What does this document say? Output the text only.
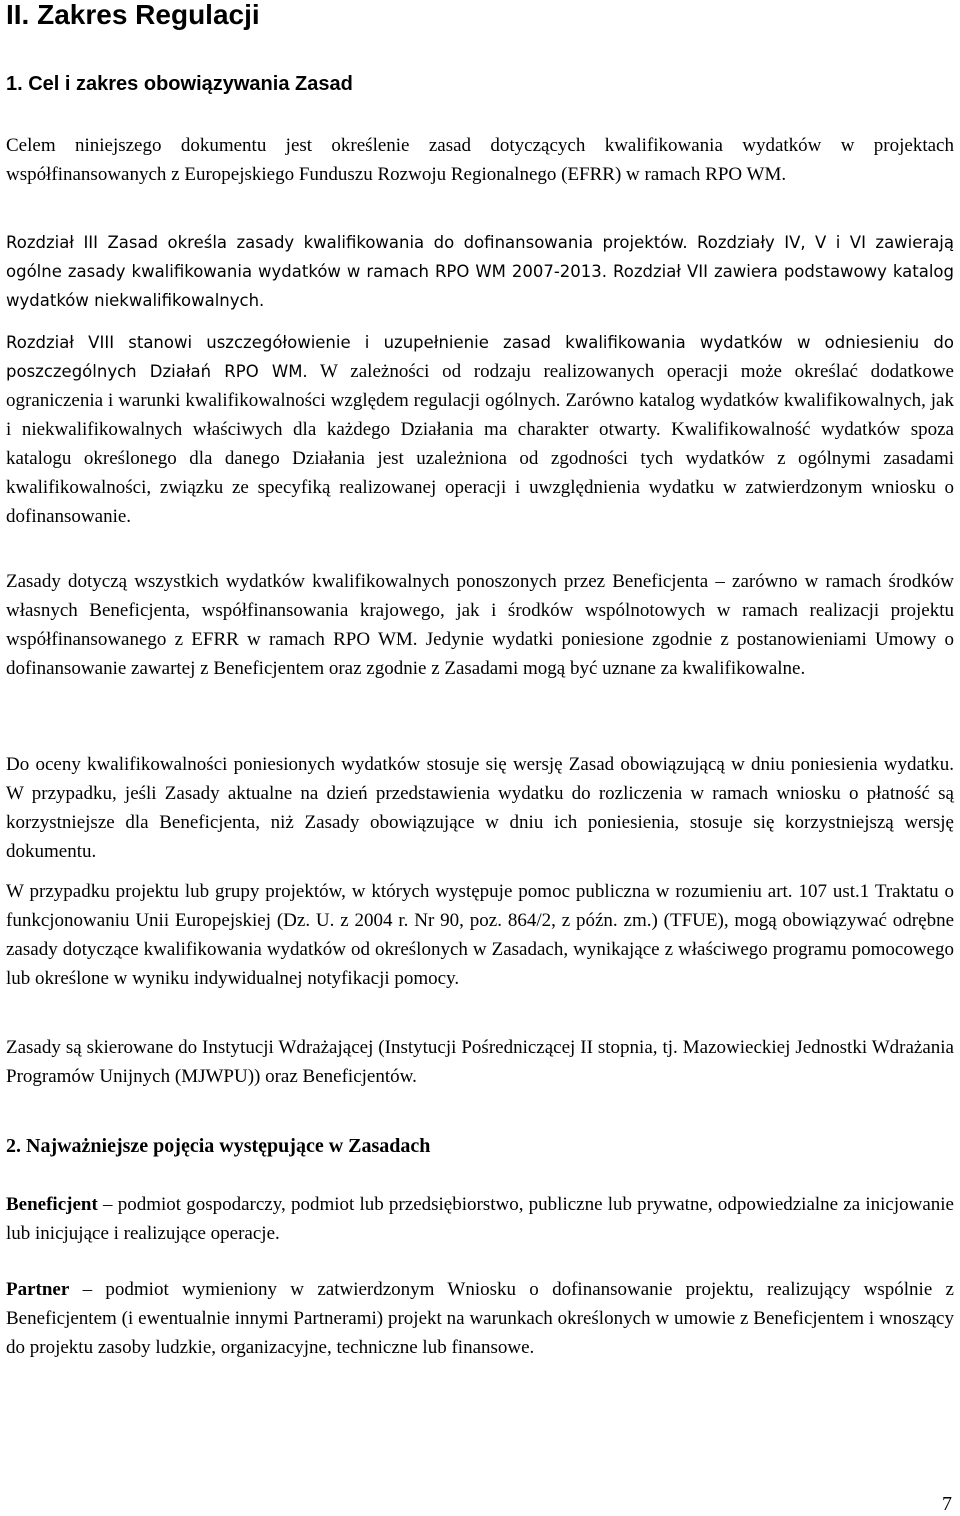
II. Zakres Regulacji
1. Cel i zakres obowiązywania Zasad

Celem niniejszego dokumentu jest określenie zasad dotyczących kwalifikowania wydatków w projektach współfinansowanych z Europejskiego Funduszu Rozwoju Regionalnego (EFRR) w ramach RPO WM.

Rozdział III Zasad określa zasady kwalifikowania do dofinansowania projektów. Rozdziały IV, V i VI zawierają ogólne zasady kwalifikowania wydatków w ramach RPO WM 2007-2013. Rozdział VII zawiera podstawowy katalog wydatków niekwalifikowalnych.

Rozdział VIII stanowi uszczegółowienie i uzupełnienie zasad kwalifikowania wydatków w odniesieniu do poszczególnych Działań RPO WM. W zależności od rodzaju realizowanych operacji może określać dodatkowe ograniczenia i warunki kwalifikowalności względem regulacji ogólnych. Zarówno katalog wydatków kwalifikowalnych, jak i niekwalifikowalnych właściwych dla każdego Działania ma charakter otwarty. Kwalifikowalność wydatków spoza katalogu określonego dla danego Działania jest uzależniona od zgodności tych wydatków z ogólnymi zasadami kwalifikowalności, związku ze specyfiką realizowanej operacji i uwzględnienia wydatku w zatwierdzonym wniosku o dofinansowanie.

Zasady dotyczą wszystkich wydatków kwalifikowalnych ponoszonych przez Beneficjenta – zarówno w ramach środków własnych Beneficjenta, współfinansowania krajowego, jak i środków wspólnotowych w ramach realizacji projektu współfinansowanego z EFRR w ramach RPO WM. Jedynie wydatki poniesione zgodnie z postanowieniami Umowy o dofinansowanie zawartej z Beneficjentem oraz zgodnie z Zasadami mogą być uznane za kwalifikowalne.

Do oceny kwalifikowalności poniesionych wydatków stosuje się wersję Zasad obowiązującą w dniu poniesienia wydatku. W przypadku, jeśli Zasady aktualne na dzień przedstawienia wydatku do rozliczenia w ramach wniosku o płatność są korzystniejsze dla Beneficjenta, niż Zasady obowiązujące w dniu ich poniesienia, stosuje się korzystniejszą wersję dokumentu.

W przypadku projektu lub grupy projektów, w których występuje pomoc publiczna w rozumieniu art. 107 ust.1 Traktatu o funkcjonowaniu Unii Europejskiej (Dz. U. z 2004 r. Nr 90, poz. 864/2, z późn. zm.) (TFUE), mogą obowiązywać odrębne zasady dotyczące kwalifikowania wydatków od określonych w Zasadach, wynikające z właściwego programu pomocowego lub określone w wyniku indywidualnej notyfikacji pomocy.

Zasady są skierowane do Instytucji Wdrażającej (Instytucji Pośredniczącej II stopnia, tj. Mazowieckiej Jednostki Wdrażania Programów Unijnych (MJWPU)) oraz Beneficjentów.

2. Najważniejsze pojęcia występujące w Zasadach

Beneficjent – podmiot gospodarczy, podmiot lub przedsiębiorstwo, publiczne lub prywatne, odpowiedzialne za inicjowanie lub inicjujące i realizujące operacje.

Partner – podmiot wymieniony w zatwierdzonym Wniosku o dofinansowanie projektu, realizujący wspólnie z Beneficjentem (i ewentualnie innymi Partnerami) projekt na warunkach określonych w umowie z Beneficjentem i wnoszący do projektu zasoby ludzkie, organizacyjne, techniczne lub finansowe.

7
